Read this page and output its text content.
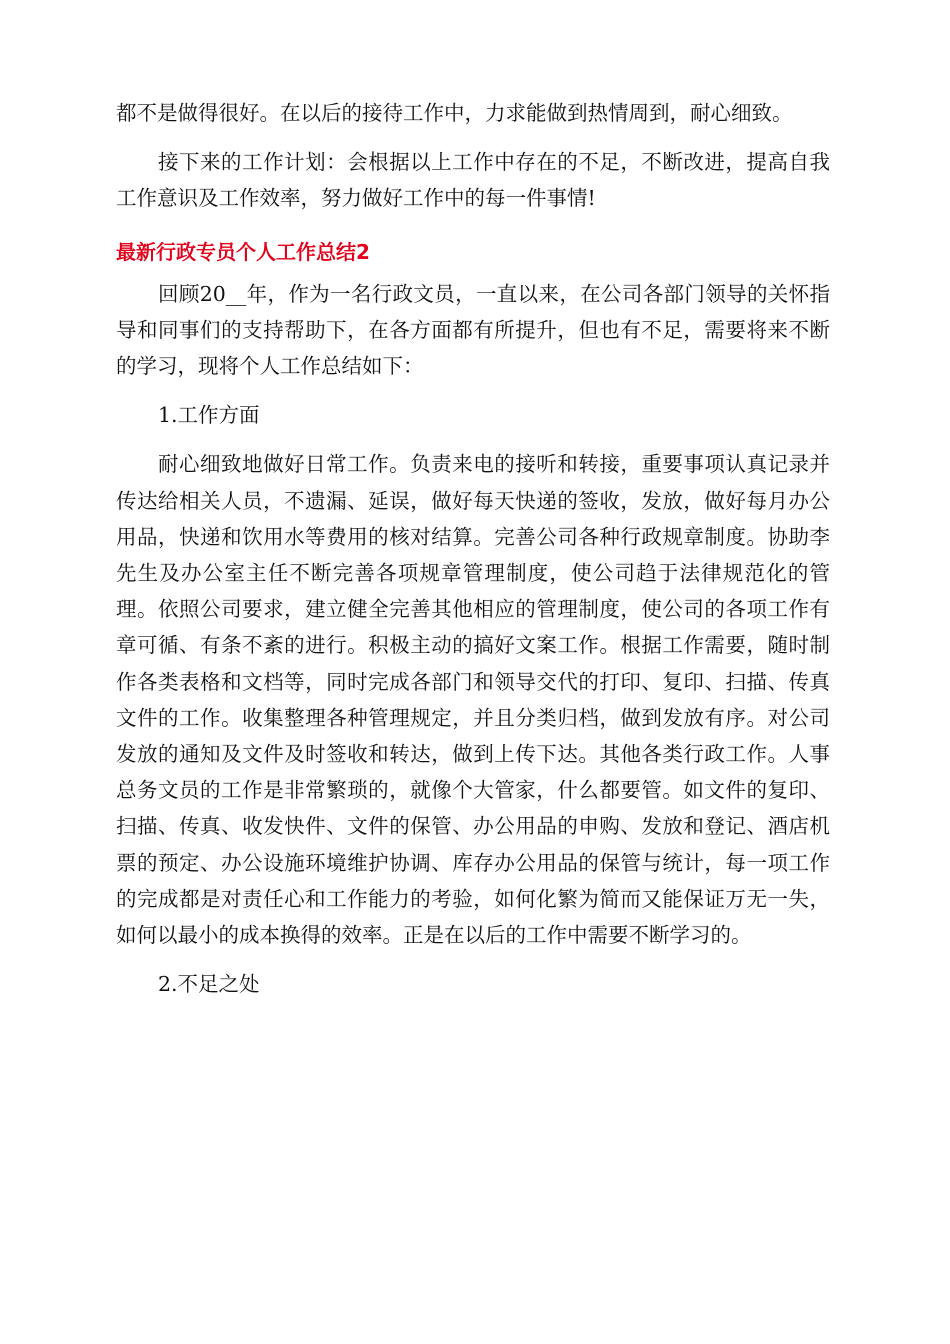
都不是做得很好。在以后的接待工作中，力求能做到热情周到，耐心细致。

接下来的工作计划：会根据以上工作中存在的不足，不断改进，提高自我工作意识及工作效率，努力做好工作中的每一件事情!

最新行政专员个人工作总结2

回顾20__年，作为一名行政文员，一直以来，在公司各部门领导的关怀指导和同事们的支持帮助下，在各方面都有所提升，但也有不足，需要将来不断的学习，现将个人工作总结如下：

1.工作方面

耐心细致地做好日常工作。负责来电的接听和转接，重要事项认真记录并传达给相关人员，不遗漏、延误，做好每天快递的签收，发放，做好每月办公用品，快递和饮用水等费用的核对结算。完善公司各种行政规章制度。协助李先生及办公室主任不断完善各项规章管理制度，使公司趋于法律规范化的管理。依照公司要求，建立健全完善其他相应的管理制度，使公司的各项工作有章可循、有条不紊的进行。积极主动的搞好文案工作。根据工作需要，随时制作各类表格和文档等，同时完成各部门和领导交代的打印、复印、扫描、传真文件的工作。收集整理各种管理规定，并且分类归档，做到发放有序。对公司发放的通知及文件及时签收和转达，做到上传下达。其他各类行政工作。人事总务文员的工作是非常繁琐的，就像个大管家，什么都要管。如文件的复印、扫描、传真、收发快件、文件的保管、办公用品的申购、发放和登记、酒店机票的预定、办公设施环境维护协调、库存办公用品的保管与统计，每一项工作的完成都是对责任心和工作能力的考验，如何化繁为简而又能保证万无一失，如何以最小的成本换得的效率。正是在以后的工作中需要不断学习的。

2.不足之处
